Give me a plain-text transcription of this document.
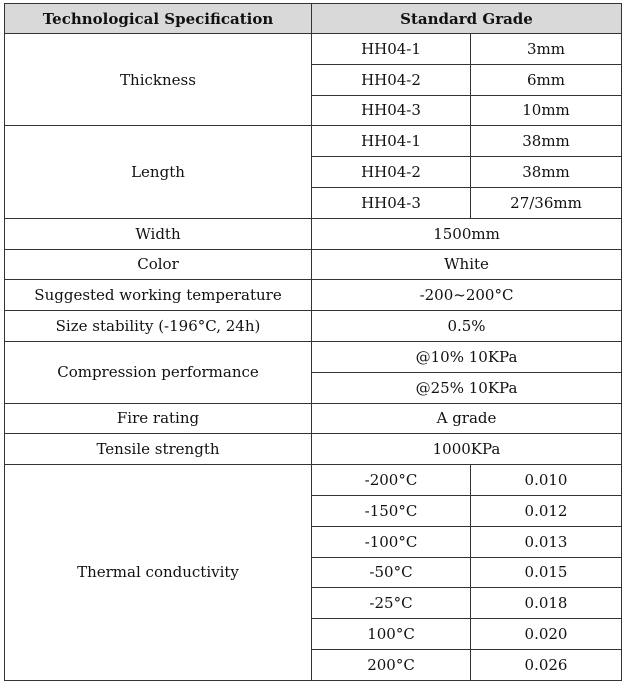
Technological Specification	Standard Grade	
Thickness	HH04-1	3mm
	HH04-2	6mm
	HH04-3	10mm
Length	HH04-1	38mm
	HH04-2	38mm
	HH04-3	27/36mm
Width	1500mm	
Color	White	
Suggested working temperature	-200~200°C	
Size stability (-196°C, 24h)	0.5%	
Compression performance	@10% 10KPa	
	@25% 10KPa	
Fire rating	A grade	
Tensile strength	1000KPa	
Thermal conductivity	-200°C	0.010
	-150°C	0.012
	-100°C	0.013
	-50°C	0.015
	-25°C	0.018
	100°C	0.020
	200°C	0.026
